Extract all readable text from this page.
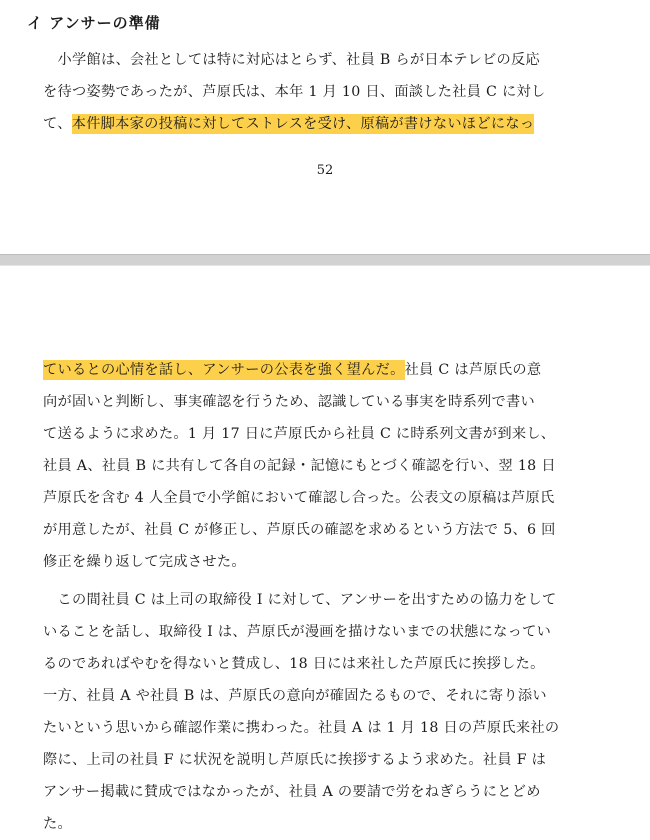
イ アンサーの準備

　小学館は、会社としては特に対応はとらず、社員 B らが日本テレビの反応
を待つ姿勢であったが、芦原氏は、本年 1 月 10 日、面談した社員 C に対し
て、本件脚本家の投稿に対してストレスを受け、原稿が書けないほどになっ

52

ているとの心情を話し、アンサーの公表を強く望んだ。社員 C は芦原氏の意
向が固いと判断し、事実確認を行うため、認識している事実を時系列で書い
て送るように求めた。1 月 17 日に芦原氏から社員 C に時系列文書が到来し、
社員 A、社員 B に共有して各自の記録・記憶にもとづく確認を行い、翌 18 日
芦原氏を含む 4 人全員で小学館において確認し合った。公表文の原稿は芦原氏
が用意したが、社員 C が修正し、芦原氏の確認を求めるという方法で 5、6 回
修正を繰り返して完成させた。

　この間社員 C は上司の取締役 I に対して、アンサーを出すための協力をして
いることを話し、取締役 I は、芦原氏が漫画を描けないまでの状態になってい
るのであればやむを得ないと賛成し、18 日には来社した芦原氏に挨拶した。
一方、社員 A や社員 B は、芦原氏の意向が確固たるもので、それに寄り添い
たいという思いから確認作業に携わった。社員 A は 1 月 18 日の芦原氏来社の
際に、上司の社員 F に状況を説明し芦原氏に挨拶するよう求めた。社員 F は
アンサー掲載に賛成ではなかったが、社員 A の要請で労をねぎらうにとどめ
た。
